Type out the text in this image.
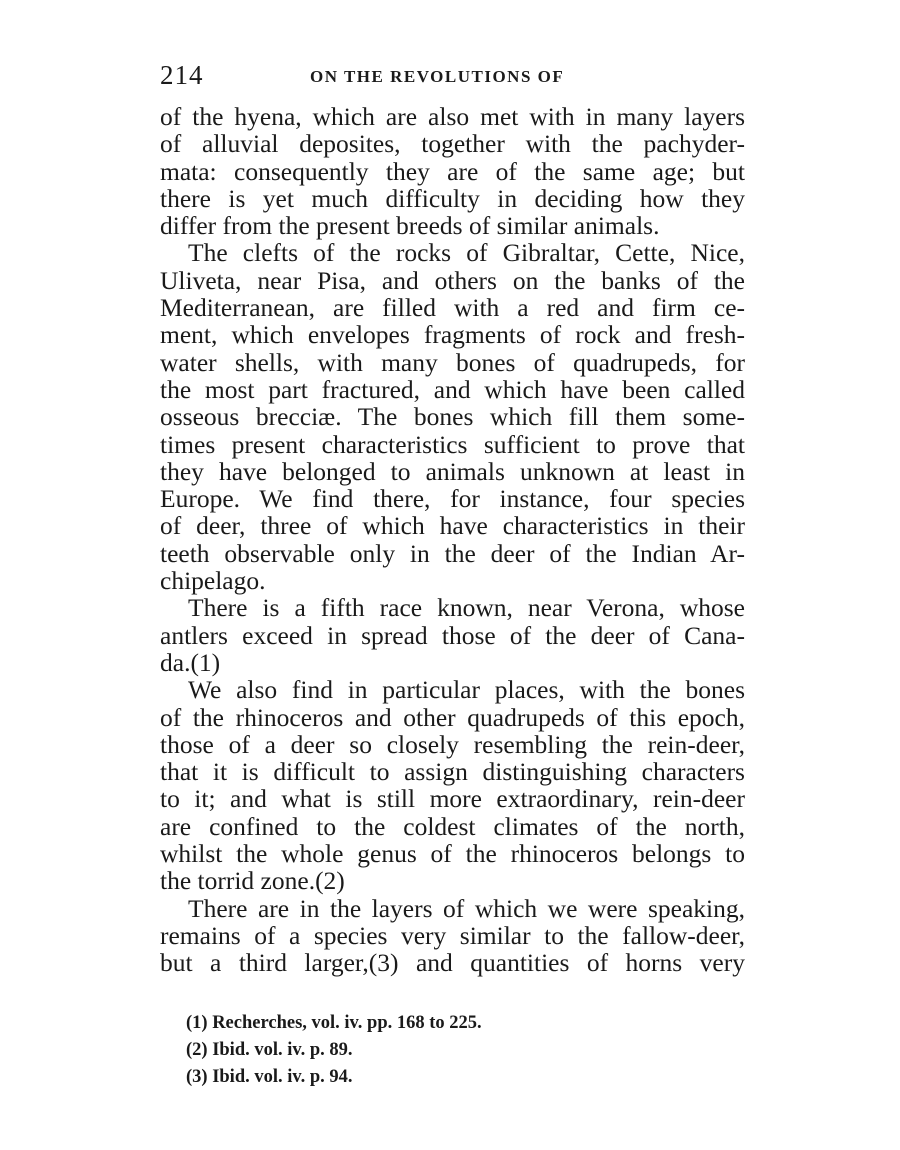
214	ON THE REVOLUTIONS OF
of the hyena, which are also met with in many layers
of alluvial deposites, together with the pachyder-
mata: consequently they are of the same age; but
there is yet much difficulty in deciding how they
differ from the present breeds of similar animals.
The clefts of the rocks of Gibraltar, Cette, Nice,
Uliveta, near Pisa, and others on the banks of the
Mediterranean, are filled with a red and firm ce-
ment, which envelopes fragments of rock and fresh-
water shells, with many bones of quadrupeds, for
the most part fractured, and which have been called
osseous brecciæ. The bones which fill them some-
times present characteristics sufficient to prove that
they have belonged to animals unknown at least in
Europe. We find there, for instance, four species
of deer, three of which have characteristics in their
teeth observable only in the deer of the Indian Ar-
chipelago.
There is a fifth race known, near Verona, whose
antlers exceed in spread those of the deer of Cana-
da.(1)
We also find in particular places, with the bones
of the rhinoceros and other quadrupeds of this epoch,
those of a deer so closely resembling the rein-deer,
that it is difficult to assign distinguishing characters
to it; and what is still more extraordinary, rein-deer
are confined to the coldest climates of the north,
whilst the whole genus of the rhinoceros belongs to
the torrid zone.(2)
There are in the layers of which we were speaking,
remains of a species very similar to the fallow-deer,
but a third larger,(3) and quantities of horns very
(1) Recherches, vol. iv. pp. 168 to 225.
(2) Ibid. vol. iv. p. 89.
(3) Ibid. vol. iv. p. 94.
